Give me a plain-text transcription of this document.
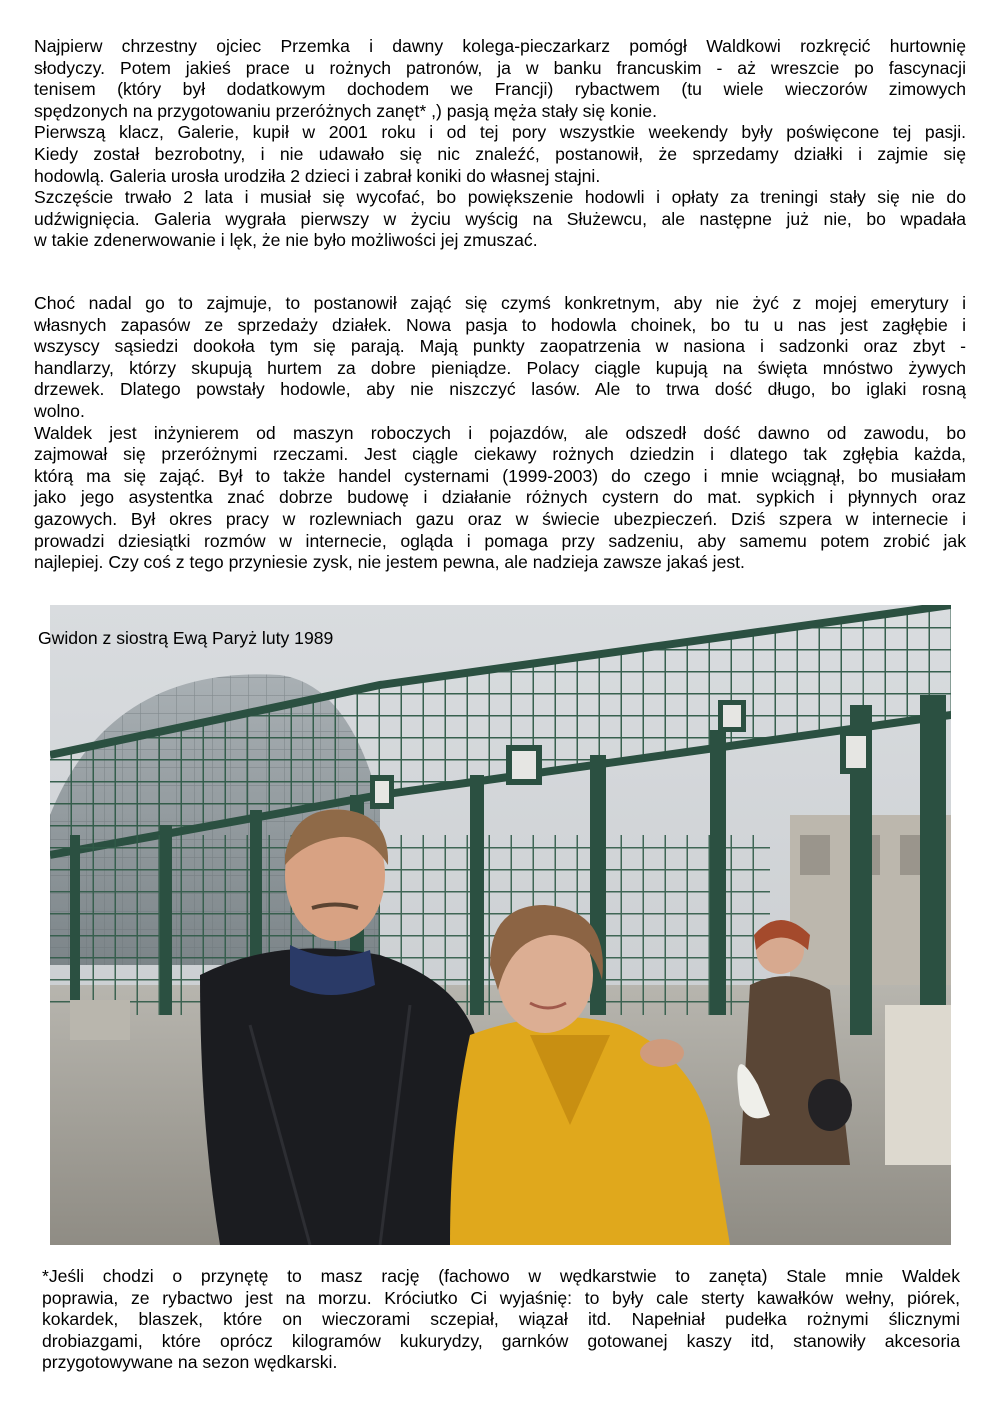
Najpierw chrzestny ojciec Przemka i dawny kolega-pieczarkarz pomógł Waldkowi rozkręcić hurtownię
słodyczy. Potem jakieś prace u rożnych patronów, ja w banku francuskim - aż wreszcie po fascynacji
tenisem (który był dodatkowym dochodem we Francji) rybactwem (tu wiele wieczorów zimowych
spędzonych na przygotowaniu przeróżnych zanęt* ,) pasją męża stały się konie.
Pierwszą klacz, Galerie, kupił w 2001 roku i od tej pory wszystkie weekendy były poświęcone tej pasji.
Kiedy został bezrobotny, i nie udawało się nic znaleźć, postanowił, że sprzedamy działki i zajmie się
hodowlą. Galeria urosła urodziła 2 dzieci i zabrał koniki do własnej stajni.
Szczęście trwało 2 lata i musiał się wycofać, bo powiększenie hodowli i opłaty za treningi stały się nie do
udźwignięcia. Galeria wygrała pierwszy w życiu wyścig na Służewcu, ale następne już nie, bo wpadała
w takie zdenerwowanie i lęk, że nie było możliwości jej zmuszać.
Choć nadal go to zajmuje, to postanowił zająć się czymś konkretnym, aby nie żyć z mojej emerytury i
własnych zapasów ze sprzedaży działek. Nowa pasja to hodowla choinek, bo tu u nas jest zagłębie i
wszyscy sąsiedzi dookoła tym się parają. Mają punkty zaopatrzenia w nasiona i sadzonki oraz zbyt -
handlarzy, którzy skupują hurtem za dobre pieniądze. Polacy ciągle kupują na święta mnóstwo żywych
drzewek. Dlatego powstały hodowle, aby nie niszczyć lasów. Ale to trwa dość długo, bo iglaki rosną
wolno.
Waldek jest inżynierem od maszyn roboczych i pojazdów, ale odszedł dość dawno od zawodu, bo
zajmował się przeróżnymi rzeczami. Jest ciągle ciekawy rożnych dziedzin i dlatego tak zgłębia każda,
którą ma się zająć. Był to także handel cysternami (1999-2003) do czego i mnie wciągnął, bo musiałam
jako jego asystentka znać dobrze budowę i działanie różnych cystern do mat. sypkich i płynnych oraz
gazowych. Był okres pracy w rozlewniach gazu oraz w świecie ubezpieczeń. Dziś szpera w internecie i
prowadzi dziesiątki rozmów w internecie, ogląda i pomaga przy sadzeniu, aby samemu potem zrobić jak
najlepiej. Czy coś z tego przyniesie zysk, nie jestem pewna, ale nadzieja zawsze jakaś jest.
Gwidon z siostrą Ewą Paryż luty 1989
*Jeśli chodzi o przynętę to masz rację (fachowo w wędkarstwie to zanęta) Stale mnie Waldek
poprawia, ze rybactwo jest na morzu. Króciutko Ci wyjaśnię: to były cale sterty kawałków wełny, piórek,
kokardek, blaszek, które on wieczorami sczepiał, wiązał itd. Napełniał pudełka rożnymi ślicznymi
drobiazgami, które oprócz kilogramów kukurydzy, garnków gotowanej kaszy itd, stanowiły akcesoria
przygotowywane na sezon wędkarski.
